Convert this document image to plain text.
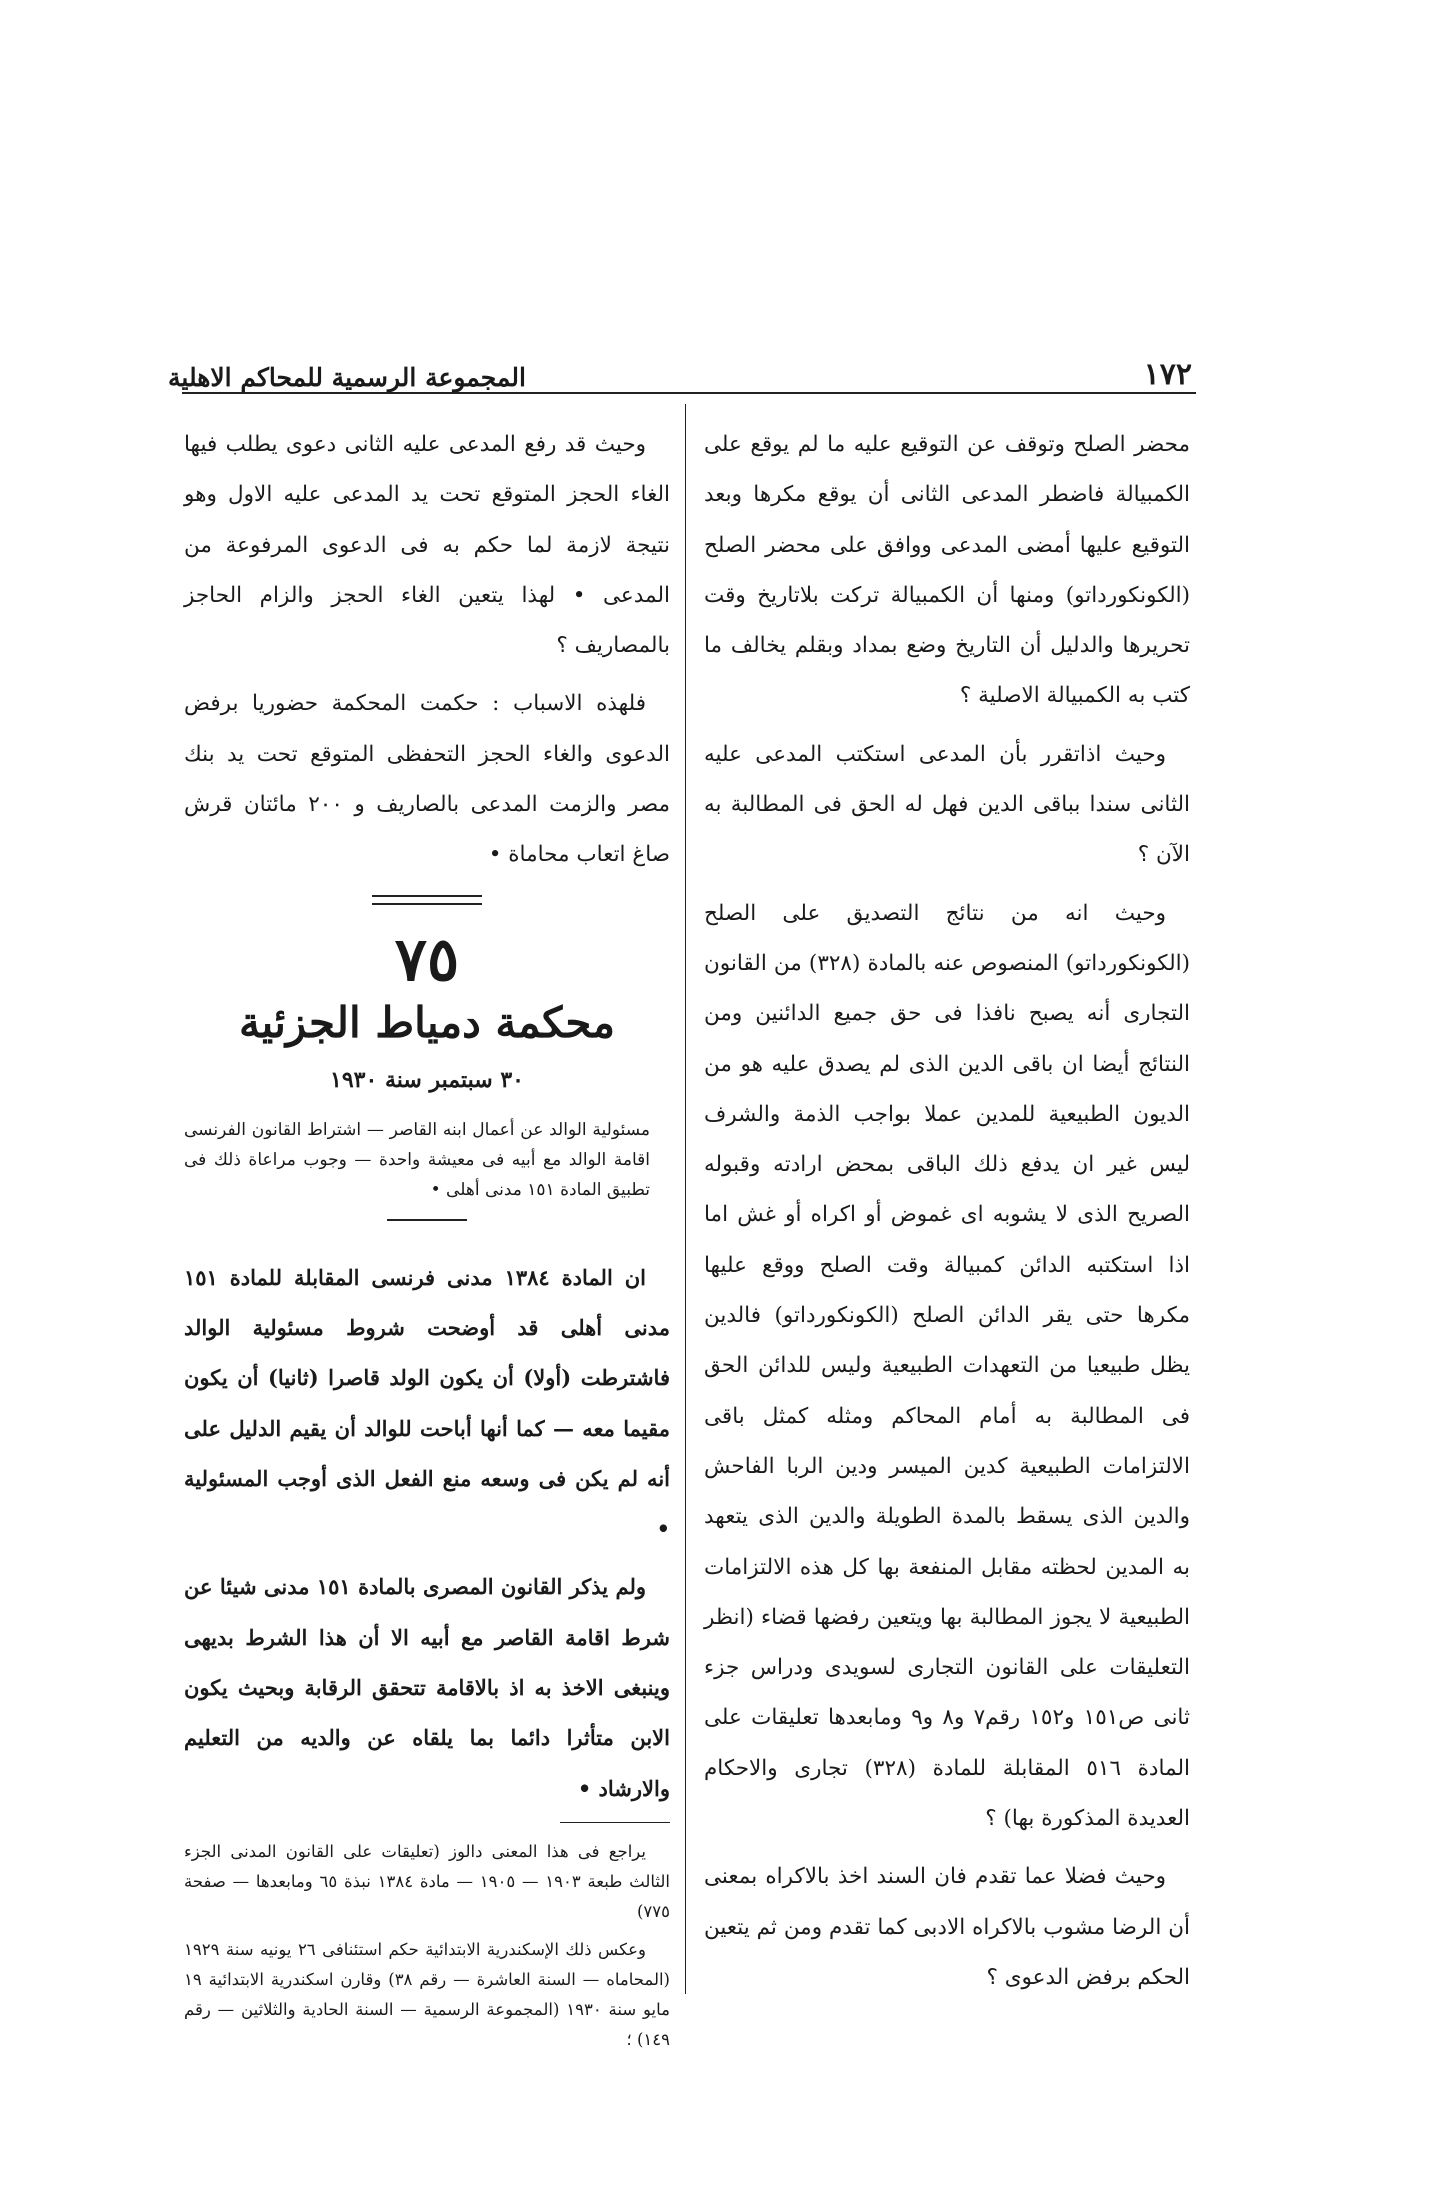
١٧٢
المجموعة الرسمية للمحاكم الاهلية

محضر الصلح وتوقف عن التوقيع عليه ما لم يوقع على الكمبيالة فاضطر المدعى الثانى أن يوقع مكرها وبعد التوقيع عليها أمضى المدعى ووافق على محضر الصلح (الكونكورداتو) ومنها أن الكمبيالة تركت بلاتاريخ وقت تحريرها والدليل أن التاريخ وضع بمداد وبقلم يخالف ما كتب به الكمبيالة الاصلية ؟

وحيث اذاتقرر بأن المدعى استكتب المدعى عليه الثانى سندا بباقى الدين فهل له الحق فى المطالبة به الآن ؟

وحيث انه من نتائج التصديق على الصلح (الكونكورداتو) المنصوص عنه بالمادة (٣٢٨) من القانون التجارى أنه يصبح نافذا فى حق جميع الدائنين ومن النتائج أيضا ان باقى الدين الذى لم يصدق عليه هو من الديون الطبيعية للمدين عملا بواجب الذمة والشرف ليس غير ان يدفع ذلك الباقى بمحض ارادته وقبوله الصريح الذى لا يشوبه اى غموض أو اكراه أو غش اما اذا استكتبه الدائن كمبيالة وقت الصلح ووقع عليها مكرها حتى يقر الدائن الصلح (الكونكورداتو) فالدين يظل طبيعيا من التعهدات الطبيعية وليس للدائن الحق فى المطالبة به أمام المحاكم ومثله كمثل باقى الالتزامات الطبيعية كدين الميسر ودين الربا الفاحش والدين الذى يسقط بالمدة الطويلة والدين الذى يتعهد به المدين لحظته مقابل المنفعة بها كل هذه الالتزامات الطبيعية لا يجوز المطالبة بها ويتعين رفضها قضاء (انظر التعليقات على القانون التجارى لسويدى ودراس جزء ثانى ص١٥١ و١٥٢ رقم٧ و٨ و٩ ومابعدها تعليقات على المادة ٥١٦ المقابلة للمادة (٣٢٨) تجارى والاحكام العديدة المذكورة بها) ؟

وحيث فضلا عما تقدم فان السند اخذ بالاكراه بمعنى أن الرضا مشوب بالاكراه الادبى كما تقدم ومن ثم يتعين الحكم برفض الدعوى ؟

وحيث قد رفع المدعى عليه الثانى دعوى يطلب فيها الغاء الحجز المتوقع تحت يد المدعى عليه الاول وهو نتيجة لازمة لما حكم به فى الدعوى المرفوعة من المدعى • لهذا يتعين الغاء الحجز والزام الحاجز بالمصاريف ؟

فلهذه الاسباب : حكمت المحكمة حضوريا برفض الدعوى والغاء الحجز التحفظى المتوقع تحت يد بنك مصر والزمت المدعى بالصاريف و ٢٠٠ مائتان قرش صاغ اتعاب محاماة •

٧٥
محكمة دمياط الجزئية
٣٠ سبتمبر سنة ١٩٣٠
مسئولية الوالد عن أعمال ابنه القاصر — اشتراط القانون الفرنسى اقامة الوالد مع أبيه فى معيشة واحدة — وجوب مراعاة ذلك فى تطبيق المادة ١٥١ مدنى أهلى •

ان المادة ١٣٨٤ مدنى فرنسى المقابلة للمادة ١٥١ مدنى أهلى قد أوضحت شروط مسئولية الوالد فاشترطت (أولا) أن يكون الولد قاصرا (ثانيا) أن يكون مقيما معه — كما أنها أباحت للوالد أن يقيم الدليل على أنه لم يكن فى وسعه منع الفعل الذى أوجب المسئولية •

ولم يذكر القانون المصرى بالمادة ١٥١ مدنى شيئا عن شرط اقامة القاصر مع أبيه الا أن هذا الشرط بديهى وينبغى الاخذ به اذ بالاقامة تتحقق الرقابة وبحيث يكون الابن متأثرا دائما بما يلقاه عن والديه من التعليم والارشاد •

يراجع فى هذا المعنى دالوز (تعليقات على القانون المدنى الجزء الثالث طبعة ١٩٠٣ — ١٩٠٥ — مادة ١٣٨٤ نبذة ٦٥ ومابعدها — صفحة ٧٧٥)

وعكس ذلك الإسكندرية الابتدائية حكم استئنافى ٢٦ يونيه سنة ١٩٢٩ (المحاماه — السنة العاشرة — رقم ٣٨) وقارن اسكندرية الابتدائية ١٩ مايو سنة ١٩٣٠ (المجموعة الرسمية — السنة الحادية والثلاثين — رقم ١٤٩) ؛
